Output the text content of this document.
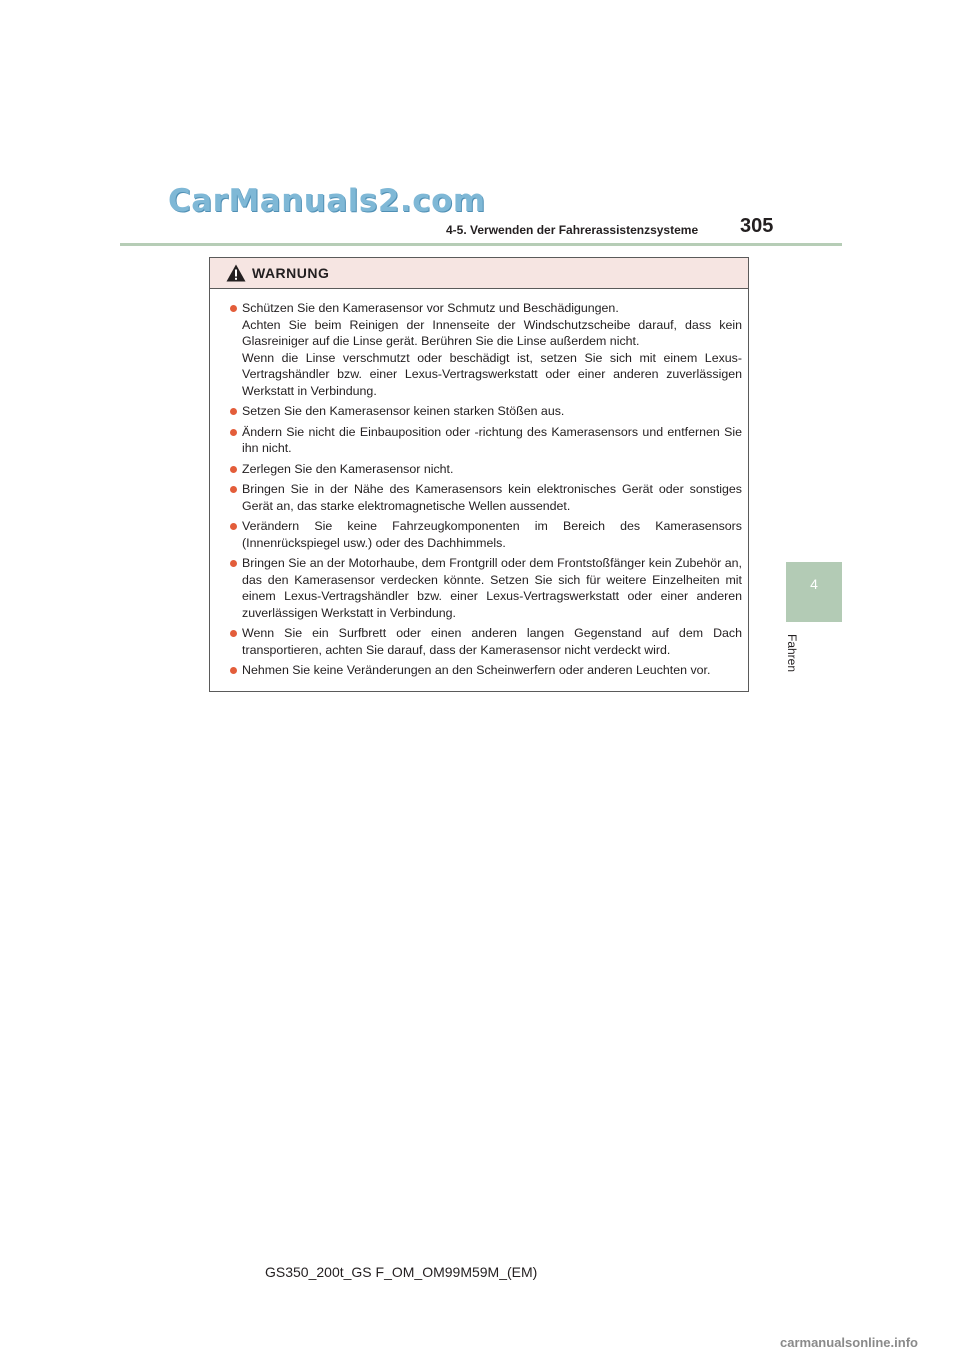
CarManuals2.com
4-5. Verwenden der Fahrerassistenzsysteme 305
4
Fahren
WARNUNG
Schützen Sie den Kamerasensor vor Schmutz und Beschädigungen.
Achten Sie beim Reinigen der Innenseite der Windschutzscheibe darauf, dass kein Glasreiniger auf die Linse gerät. Berühren Sie die Linse außerdem nicht.
Wenn die Linse verschmutzt oder beschädigt ist, setzen Sie sich mit einem Lexus-Vertragshändler bzw. einer Lexus-Vertragswerkstatt oder einer anderen zuverlässigen Werkstatt in Verbindung.
Setzen Sie den Kamerasensor keinen starken Stößen aus.
Ändern Sie nicht die Einbauposition oder -richtung des Kamerasensors und entfernen Sie ihn nicht.
Zerlegen Sie den Kamerasensor nicht.
Bringen Sie in der Nähe des Kamerasensors kein elektronisches Gerät oder sonstiges Gerät an, das starke elektromagnetische Wellen aussendet.
Verändern Sie keine Fahrzeugkomponenten im Bereich des Kamerasensors (Innenrückspiegel usw.) oder des Dachhimmels.
Bringen Sie an der Motorhaube, dem Frontgrill oder dem Frontstoßfänger kein Zubehör an, das den Kamerasensor verdecken könnte. Setzen Sie sich für weitere Einzelheiten mit einem Lexus-Vertragshändler bzw. einer Lexus-Vertragswerkstatt oder einer anderen zuverlässigen Werkstatt in Verbindung.
Wenn Sie ein Surfbrett oder einen anderen langen Gegenstand auf dem Dach transportieren, achten Sie darauf, dass der Kamerasensor nicht verdeckt wird.
Nehmen Sie keine Veränderungen an den Scheinwerfern oder anderen Leuchten vor.
GS350_200t_GS F_OM_OM99M59M_(EM)
carmanualsonline.info
